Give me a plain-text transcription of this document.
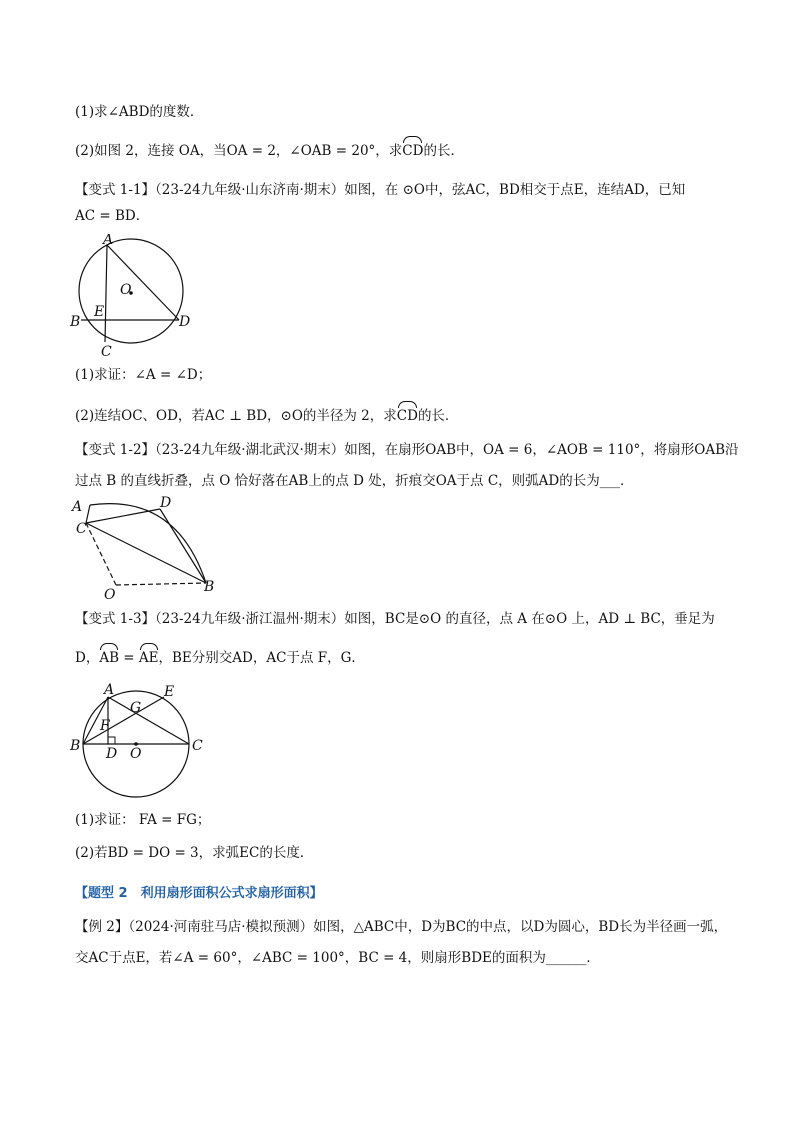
(1)求∠ABD的度数．
(2)如图 2，连接 OA，当OA = 2，∠OAB = 20°，求CD的长．
【变式 1-1】（23-24九年级·山东济南·期末）如图，在 ⊙O中，弦AC，BD相交于点E，连结AD，已知
AC = BD．
A
O
B
E
D
C
(1)求证：∠A = ∠D；
(2)连结OC、OD，若AC ⊥ BD，⊙O的半径为 2，求CD的长．
【变式 1-2】（23-24九年级·湖北武汉·期末）如图，在扇形OAB中，OA = 6，∠AOB = 110°，将扇形OAB沿
过点 B 的直线折叠，点 O 恰好落在AB上的点 D 处，折痕交OA于点 C，则弧AD的长为___．
A	D
C
B
O
【变式 1-3】（23-24九年级·浙江温州·期末）如图，BC是⊙O 的直径，点 A 在⊙O 上，AD ⊥ BC，垂足为
D，AB = AE，BE分别交AD，AC于点 F，G．
A	E
G
F
B D O	C
(1)求证： FA = FG；
(2)若BD = DO = 3，求弧EC的长度．
【题型 2　利用扇形面积公式求扇形面积】
【例 2】（2024·河南驻马店·模拟预测）如图，△ABC中，D为BC的中点，以D为圆心，BD长为半径画一弧，
交AC于点E，若∠A = 60°，∠ABC = 100°，BC = 4，则扇形BDE的面积为______．
